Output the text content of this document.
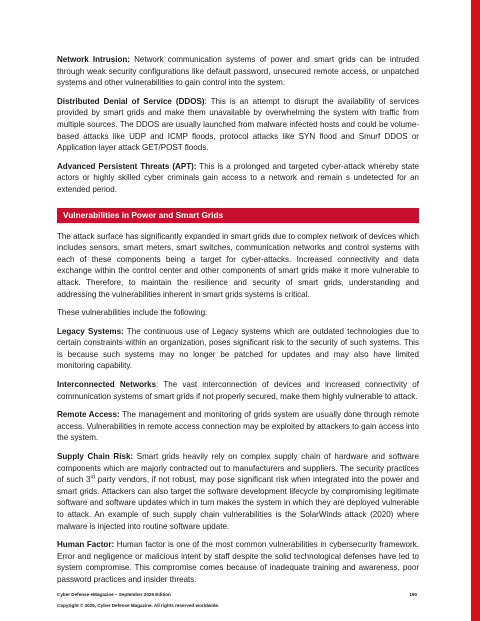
Network Intrusion: Network communication systems of power and smart grids can be intruded through weak security configurations like default password, unsecured remote access, or unpatched systems and other vulnerabilities to gain control into the system.

Distributed Denial of Service (DDOS): This is an attempt to disrupt the availability of services provided by smart grids and make them unavailable by overwhelming the system with traffic from multiple sources. The DDOS are usually launched from malware infected hosts and could be volume-based attacks like UDP and ICMP floods, protocol attacks like SYN flood and Smurf DDOS or Application layer attack GET/POST floods.

Advanced Persistent Threats (APT): This is a prolonged and targeted cyber-attack whereby state actors or highly skilled cyber criminals gain access to a network and remain s undetected for an extended period.

Vulnerabilities in Power and Smart Grids

The attack surface has significantly expanded in smart grids due to complex network of devices which includes sensors, smart meters, smart switches, communication networks and control systems with each of these components being a target for cyber-attacks. Increased connectivity and data exchange within the control center and other components of smart grids make it more vulnerable to attack. Therefore, to maintain the resilience and security of smart grids, understanding and addressing the vulnerabilities inherent in smart grids systems is critical.

These vulnerabilities include the following:

Legacy Systems: The continuous use of Legacy systems which are outdated technologies due to certain constraints within an organization, poses significant risk to the security of such systems. This is because such systems may no longer be patched for updates and may also have limited monitoring capability.

Interconnected Networks: The vast interconnection of devices and increased connectivity of communication systems of smart grids if not properly secured, make them highly vulnerable to attack.

Remote Access: The management and monitoring of grids system are usually done through remote access. Vulnerabilities in remote access connection may be exploited by attackers to gain access into the system.

Supply Chain Risk: Smart grids heavily rely on complex supply chain of hardware and software components which are majorly contracted out to manufacturers and suppliers. The security practices of such 3rd party vendors, if not robust, may pose significant risk when integrated into the power and smart grids. Attackers can also target the software development lifecycle by compromising legitimate software and software updates which in turn makes the system in which they are deployed vulnerable to attack. An example of such supply chain vulnerabilities is the SolarWinds attack (2020) where malware is injected into routine software update.

Human Factor: Human factor is one of the most common vulnerabilities in cybersecurity framework. Error and negligence or malicious intent by staff despite the solid technological defenses have led to system compromise. This compromise comes because of inadequate training and awareness, poor password practices and insider threats.

Cyber Defense eMagazine – September 2025 Edition	190
Copyright © 2025, Cyber Defense Magazine. All rights reserved worldwide.
